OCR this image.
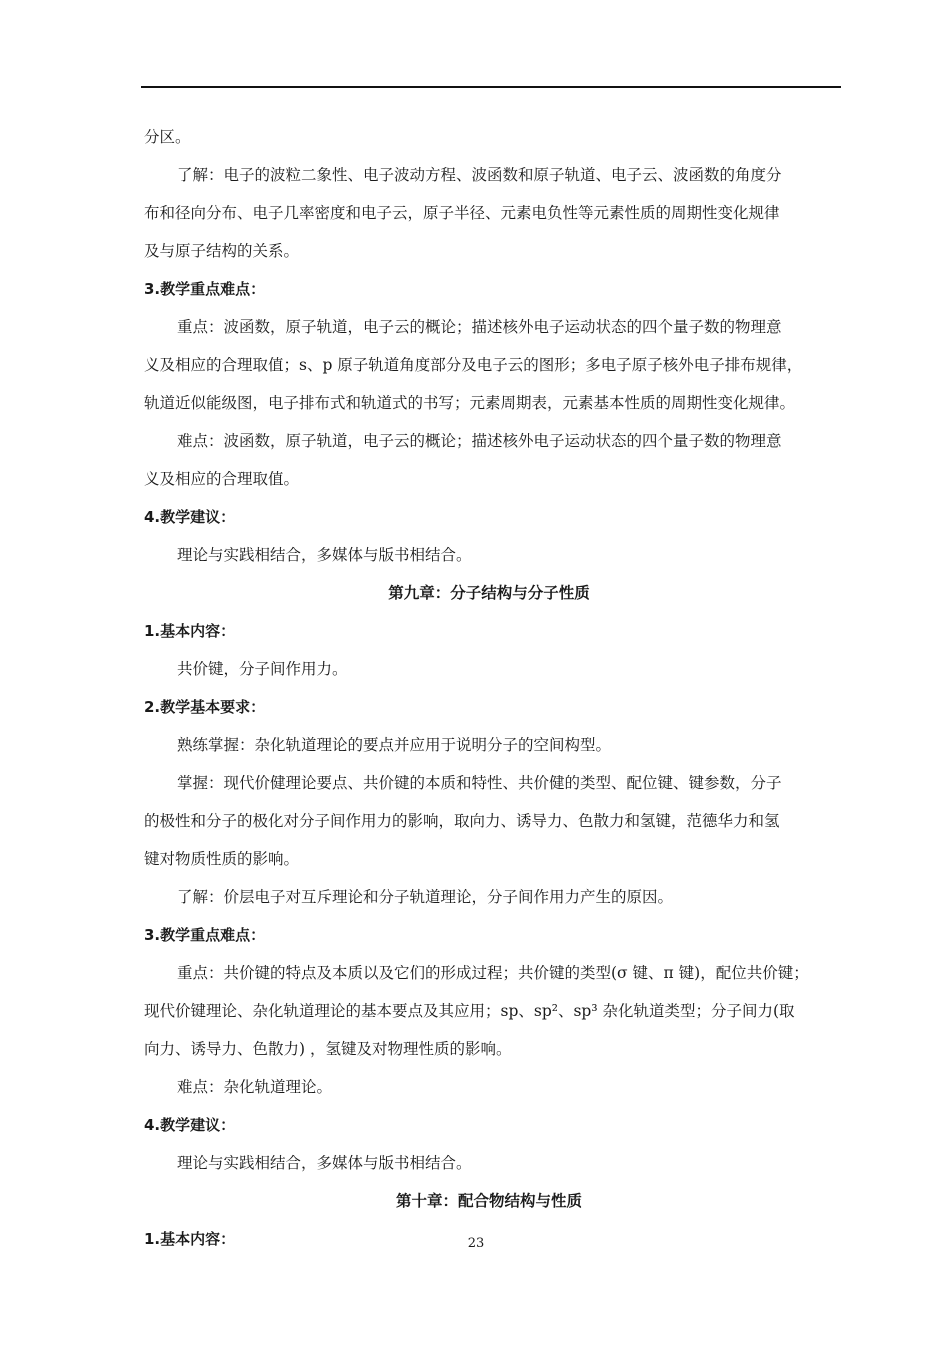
分区。

了解：电子的波粒二象性、电子波动方程、波函数和原子轨道、电子云、波函数的角度分

布和径向分布、电子几率密度和电子云，原子半径、元素电负性等元素性质的周期性变化规律

及与原子结构的关系。

3.教学重点难点：

重点：波函数，原子轨道，电子云的概论；描述核外电子运动状态的四个量子数的物理意

义及相应的合理取值；s、p 原子轨道角度部分及电子云的图形；多电子原子核外电子排布规律，

轨道近似能级图，电子排布式和轨道式的书写；元素周期表，元素基本性质的周期性变化规律。

难点：波函数，原子轨道，电子云的概论；描述核外电子运动状态的四个量子数的物理意

义及相应的合理取值。

4.教学建议：

理论与实践相结合，多媒体与版书相结合。

第九章：分子结构与分子性质

1.基本内容：

共价键，分子间作用力。

2.教学基本要求：

熟练掌握：杂化轨道理论的要点并应用于说明分子的空间构型。

掌握：现代价健理论要点、共价键的本质和特性、共价健的类型、配位键、键参数，分子

的极性和分子的极化对分子间作用力的影响，取向力、诱导力、色散力和氢键，范德华力和氢

键对物质性质的影响。

了解：价层电子对互斥理论和分子轨道理论，分子间作用力产生的原因。

3.教学重点难点：

重点：共价键的特点及本质以及它们的形成过程；共价键的类型(σ 键、π 键)，配位共价键；

现代价键理论、杂化轨道理论的基本要点及其应用；sp、sp²、sp³ 杂化轨道类型；分子间力(取

向力、诱导力、色散力) ，氢键及对物理性质的影响。

难点：杂化轨道理论。

4.教学建议：

理论与实践相结合，多媒体与版书相结合。

第十章：配合物结构与性质

1.基本内容：	23
